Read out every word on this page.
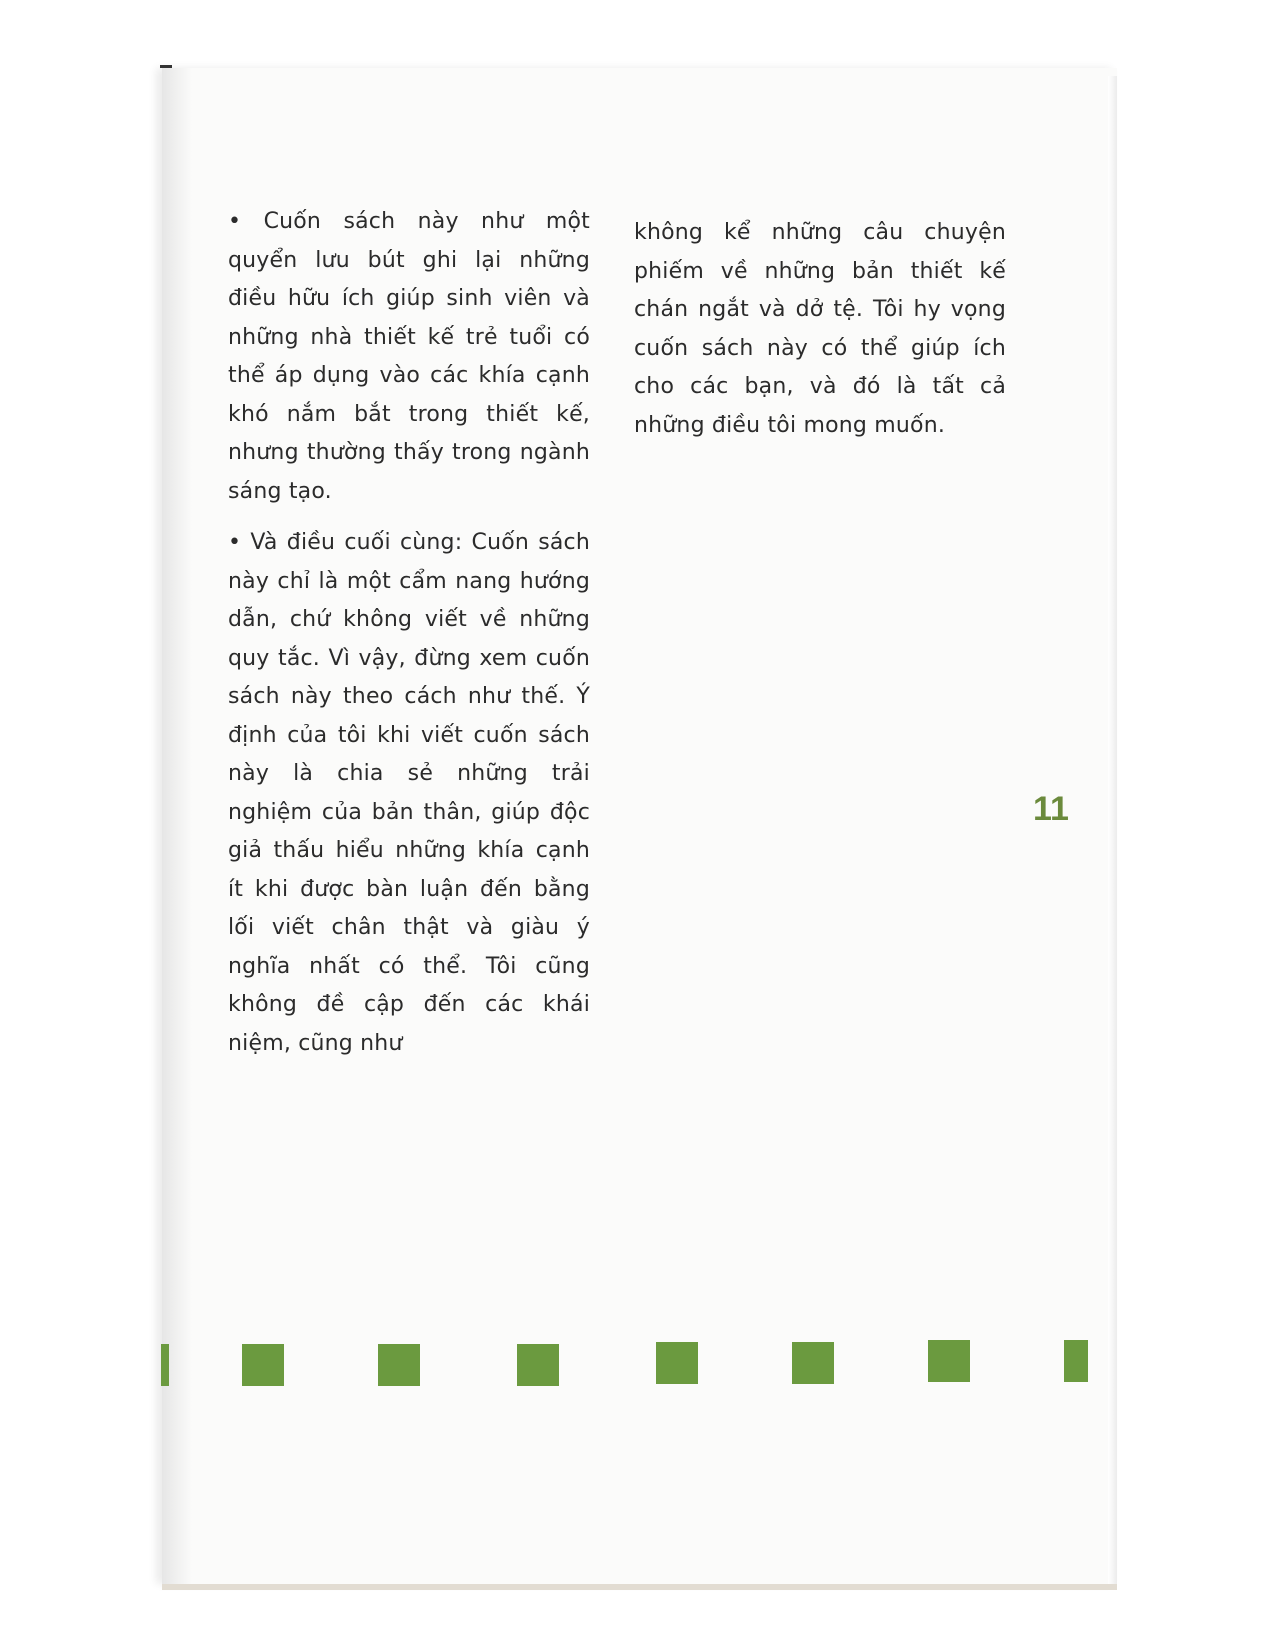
• Cuốn sách này như một quyển lưu bút ghi lại những điều hữu ích giúp sinh viên và những nhà thiết kế trẻ tuổi có thể áp dụng vào các khía cạnh khó nắm bắt trong thiết kế, nhưng thường thấy trong ngành sáng tạo.

• Và điều cuối cùng: Cuốn sách này chỉ là một cẩm nang hướng dẫn, chứ không viết về những quy tắc. Vì vậy, đừng xem cuốn sách này theo cách như thế. Ý định của tôi khi viết cuốn sách này là chia sẻ những trải nghiệm của bản thân, giúp độc giả thấu hiểu những khía cạnh ít khi được bàn luận đến bằng lối viết chân thật và giàu ý nghĩa nhất có thể. Tôi cũng không đề cập đến các khái niệm, cũng như

không kể những câu chuyện phiếm về những bản thiết kế chán ngắt và dở tệ. Tôi hy vọng cuốn sách này có thể giúp ích cho các bạn, và đó là tất cả những điều tôi mong muốn.

11
